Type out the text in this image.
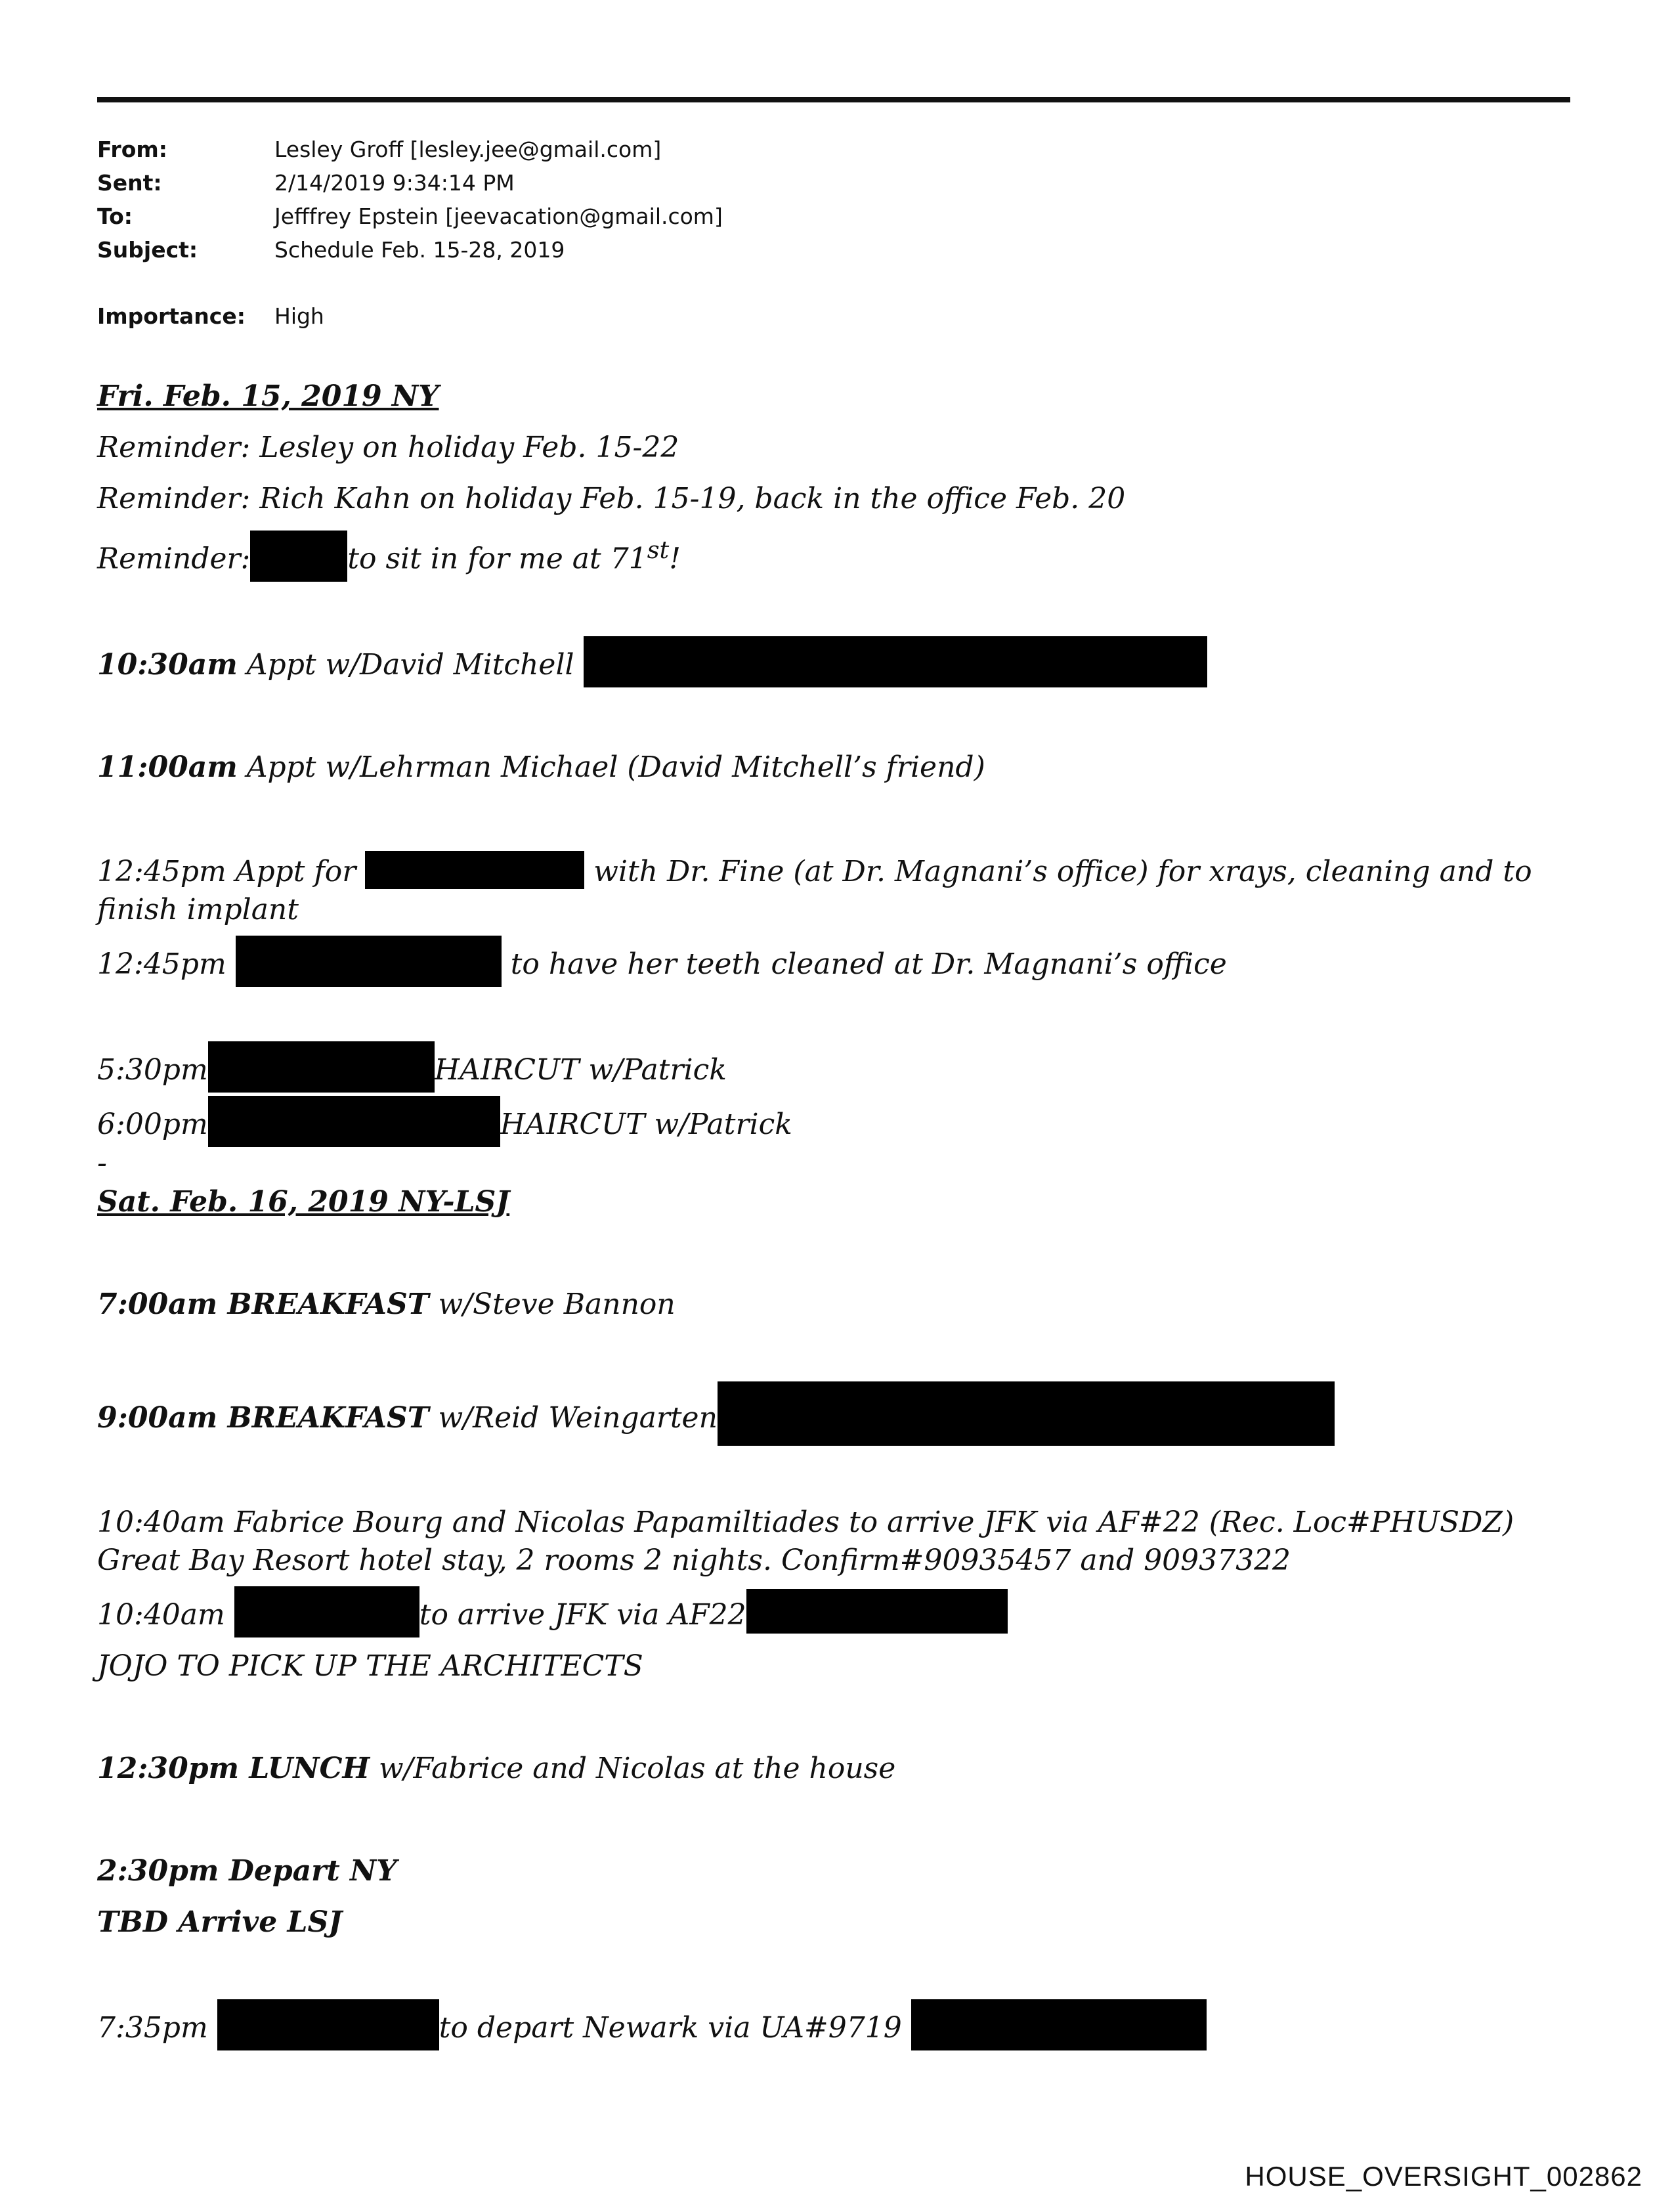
From:	Lesley Groff [lesley.jee@gmail.com]
Sent:	2/14/2019 9:34:14 PM
To:	Jefffrey Epstein [jeevacation@gmail.com]
Subject:	Schedule Feb. 15-28, 2019
Importance:	High
Fri. Feb. 15, 2019 NY
Reminder: Lesley on holiday Feb. 15-22
Reminder: Rich Kahn on holiday Feb. 15-19, back in the office Feb. 20
Reminder:	to sit in for me at 71st!
10:30am Appt w/David Mitchell
11:00am Appt w/Lehrman Michael (David Mitchell’s friend)
12:45pm Appt for	with Dr. Fine (at Dr. Magnani’s office) for xrays, cleaning and to finish implant
12:45pm	to have her teeth cleaned at Dr. Magnani’s office
5:30pm	HAIRCUT w/Patrick
6:00pm	HAIRCUT w/Patrick
-
Sat. Feb. 16, 2019 NY-LSJ
7:00am BREAKFAST w/Steve Bannon
9:00am BREAKFAST w/Reid Weingarten
10:40am Fabrice Bourg and Nicolas Papamiltiades to arrive JFK via AF#22 (Rec. Loc#PHUSDZ) Great Bay Resort hotel stay, 2 rooms 2 nights. Confirm#90935457 and 90937322
10:40am	to arrive JFK via AF22
JOJO TO PICK UP THE ARCHITECTS
12:30pm LUNCH w/Fabrice and Nicolas at the house
2:30pm Depart NY
TBD Arrive LSJ
7:35pm	to depart Newark via UA#9719
HOUSE_OVERSIGHT_002862
